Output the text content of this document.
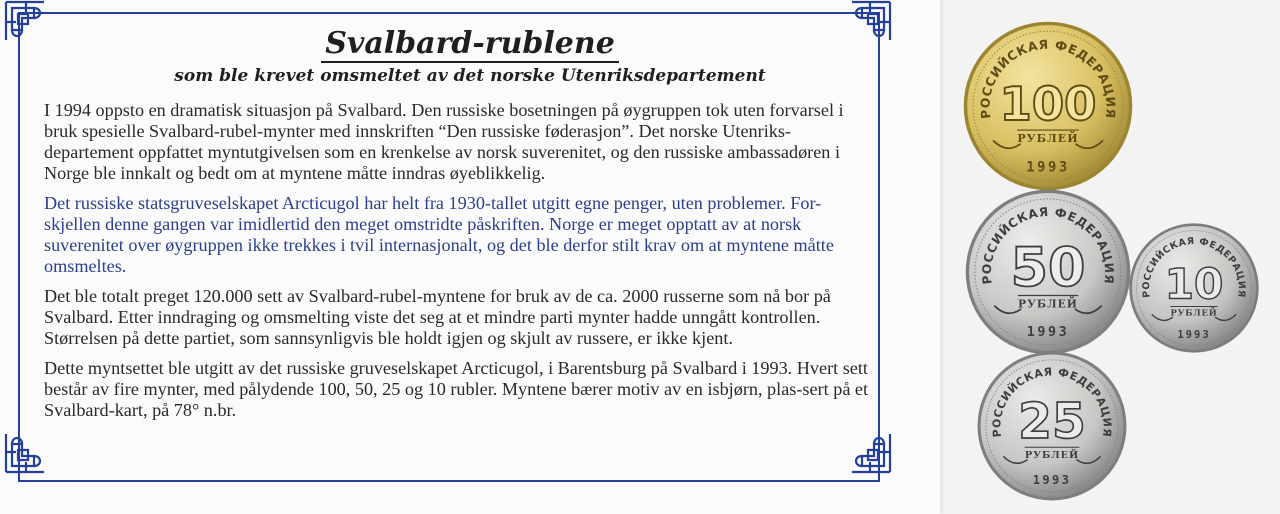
Svalbard-rublene
som ble krevet omsmeltet av det norske Utenriksdepartement

I 1994 oppsto en dramatisk situasjon på Svalbard. Den russiske bosetningen på øygruppen tok uten forvarsel i bruk spesielle Svalbard-rubel-mynter med innskriften “Den russiske føderasjon”. Det norske Utenriks-departement oppfattet myntutgivelsen som en krenkelse av norsk suverenitet, og den russiske ambassadøren i Norge ble innkalt og bedt om at myntene måtte inndras øyeblikkelig.

Det russiske statsgruveselskapet Arcticugol har helt fra 1930-tallet utgitt egne penger, uten problemer. For-skjellen denne gangen var imidlertid den meget omstridte påskriften. Norge er meget opptatt av at norsk suverenitet over øygruppen ikke trekkes i tvil internasjonalt, og det ble derfor stilt krav om at myntene måtte omsmeltes.

Det ble totalt preget 120.000 sett av Svalbard-rubel-myntene for bruk av de ca. 2000 russerne som nå bor på Svalbard. Etter inndraging og omsmelting viste det seg at et mindre parti mynter hadde unngått kontrollen. Størrelsen på dette partiet, som sannsynligvis ble holdt igjen og skjult av russere, er ikke kjent.

Dette myntsettet ble utgitt av det russiske gruveselskapet Arcticugol, i Barentsburg på Svalbard i 1993. Hvert sett består av fire mynter, med pålydende 100, 50, 25 og 10 rubler. Myntene bærer motiv av en isbjørn, plas-sert på et Svalbard-kart, på 78° n.br.

РОССИЙСКАЯ ФЕДЕРАЦИЯ
100
РУБЛЕЙ
1993
РОССИЙСКАЯ ФЕДЕРАЦИЯ
50
РУБЛЕЙ
1993
РОССИЙСКАЯ ФЕДЕРАЦИЯ
10
РУБЛЕЙ
1993
РОССИЙСКАЯ ФЕДЕРАЦИЯ
25
РУБЛЕЙ
1993
